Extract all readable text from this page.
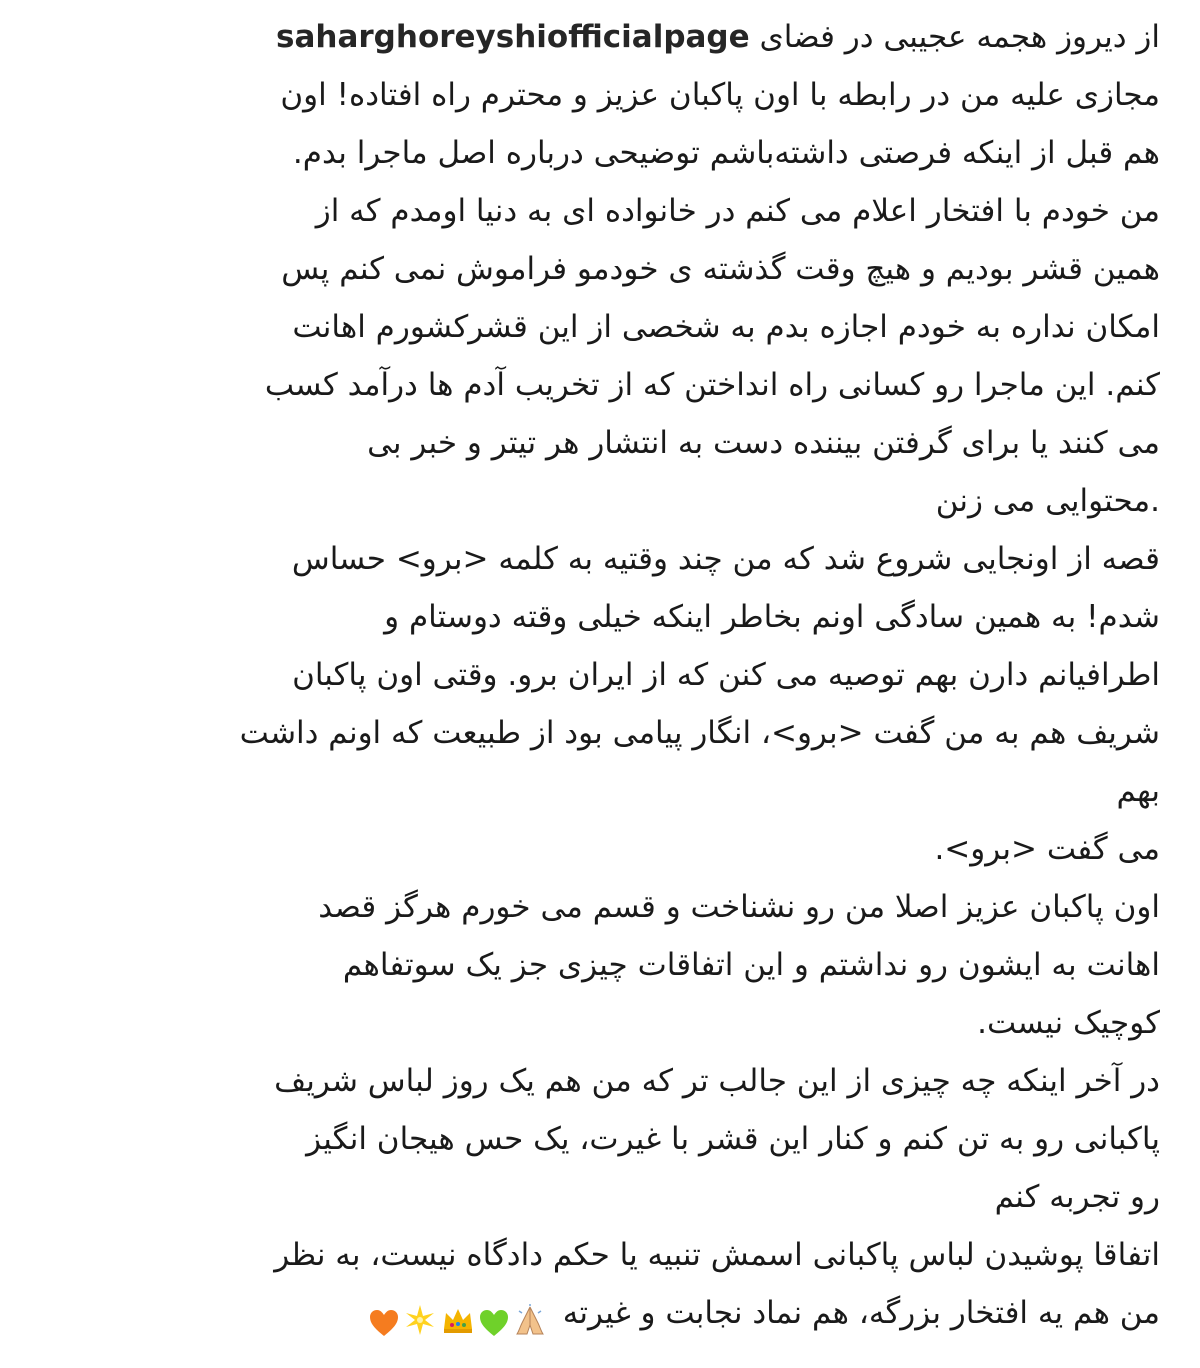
از دیروز هجمه عجیبی در فضای saharghoreyshiofficialpage
مجازی علیه من در رابطه با اون پاکبان عزیز و محترم راه افتاده! اون
هم قبل از اینکه فرصتی داشته‌باشم توضیحی درباره اصل ماجرا بدم.
من خودم با افتخار اعلام می کنم در خانواده ای به دنیا اومدم که از
همین قشر بودیم و هیچ وقت گذشته ی خودمو فراموش نمی کنم پس
امکان نداره به خودم اجازه بدم به شخصی از این قشرکشورم اهانت
کنم. این ماجرا رو کسانی راه انداختن که از تخریب آدم ها درآمد کسب
می کنند یا برای گرفتن بیننده دست به انتشار هر تیتر و خبر بی
.محتوایی می زنن

قصه از اونجایی شروع شد که من چند وقتیه به کلمه <برو> حساس
شدم! به همین سادگی اونم بخاطر اینکه خیلی وقته دوستام و
اطرافیانم دارن بهم توصیه می کنن که از ایران برو. وقتی اون پاکبان
شریف هم به من گفت <برو>، انگار پیامی بود از طبیعت که اونم داشت
بهم
می گفت <برو>.

اون پاکبان عزیز اصلا من رو نشناخت و قسم می خورم هرگز قصد
اهانت به ایشون رو نداشتم و این اتفاقات چیزی جز یک سوتفاهم
کوچیک نیست.

در آخر اینکه چه چیزی از این جالب تر که من هم یک روز لباس شریف
پاکبانی رو به تن کنم و کنار این قشر با غیرت، یک حس هیجان انگیز
رو تجربه کنم

اتفاقا پوشیدن لباس پاکبانی اسمش تنبیه یا حکم دادگاه نیست، به نظر
من هم یه افتخار بزرگه، هم نماد نجابت و غیرته
